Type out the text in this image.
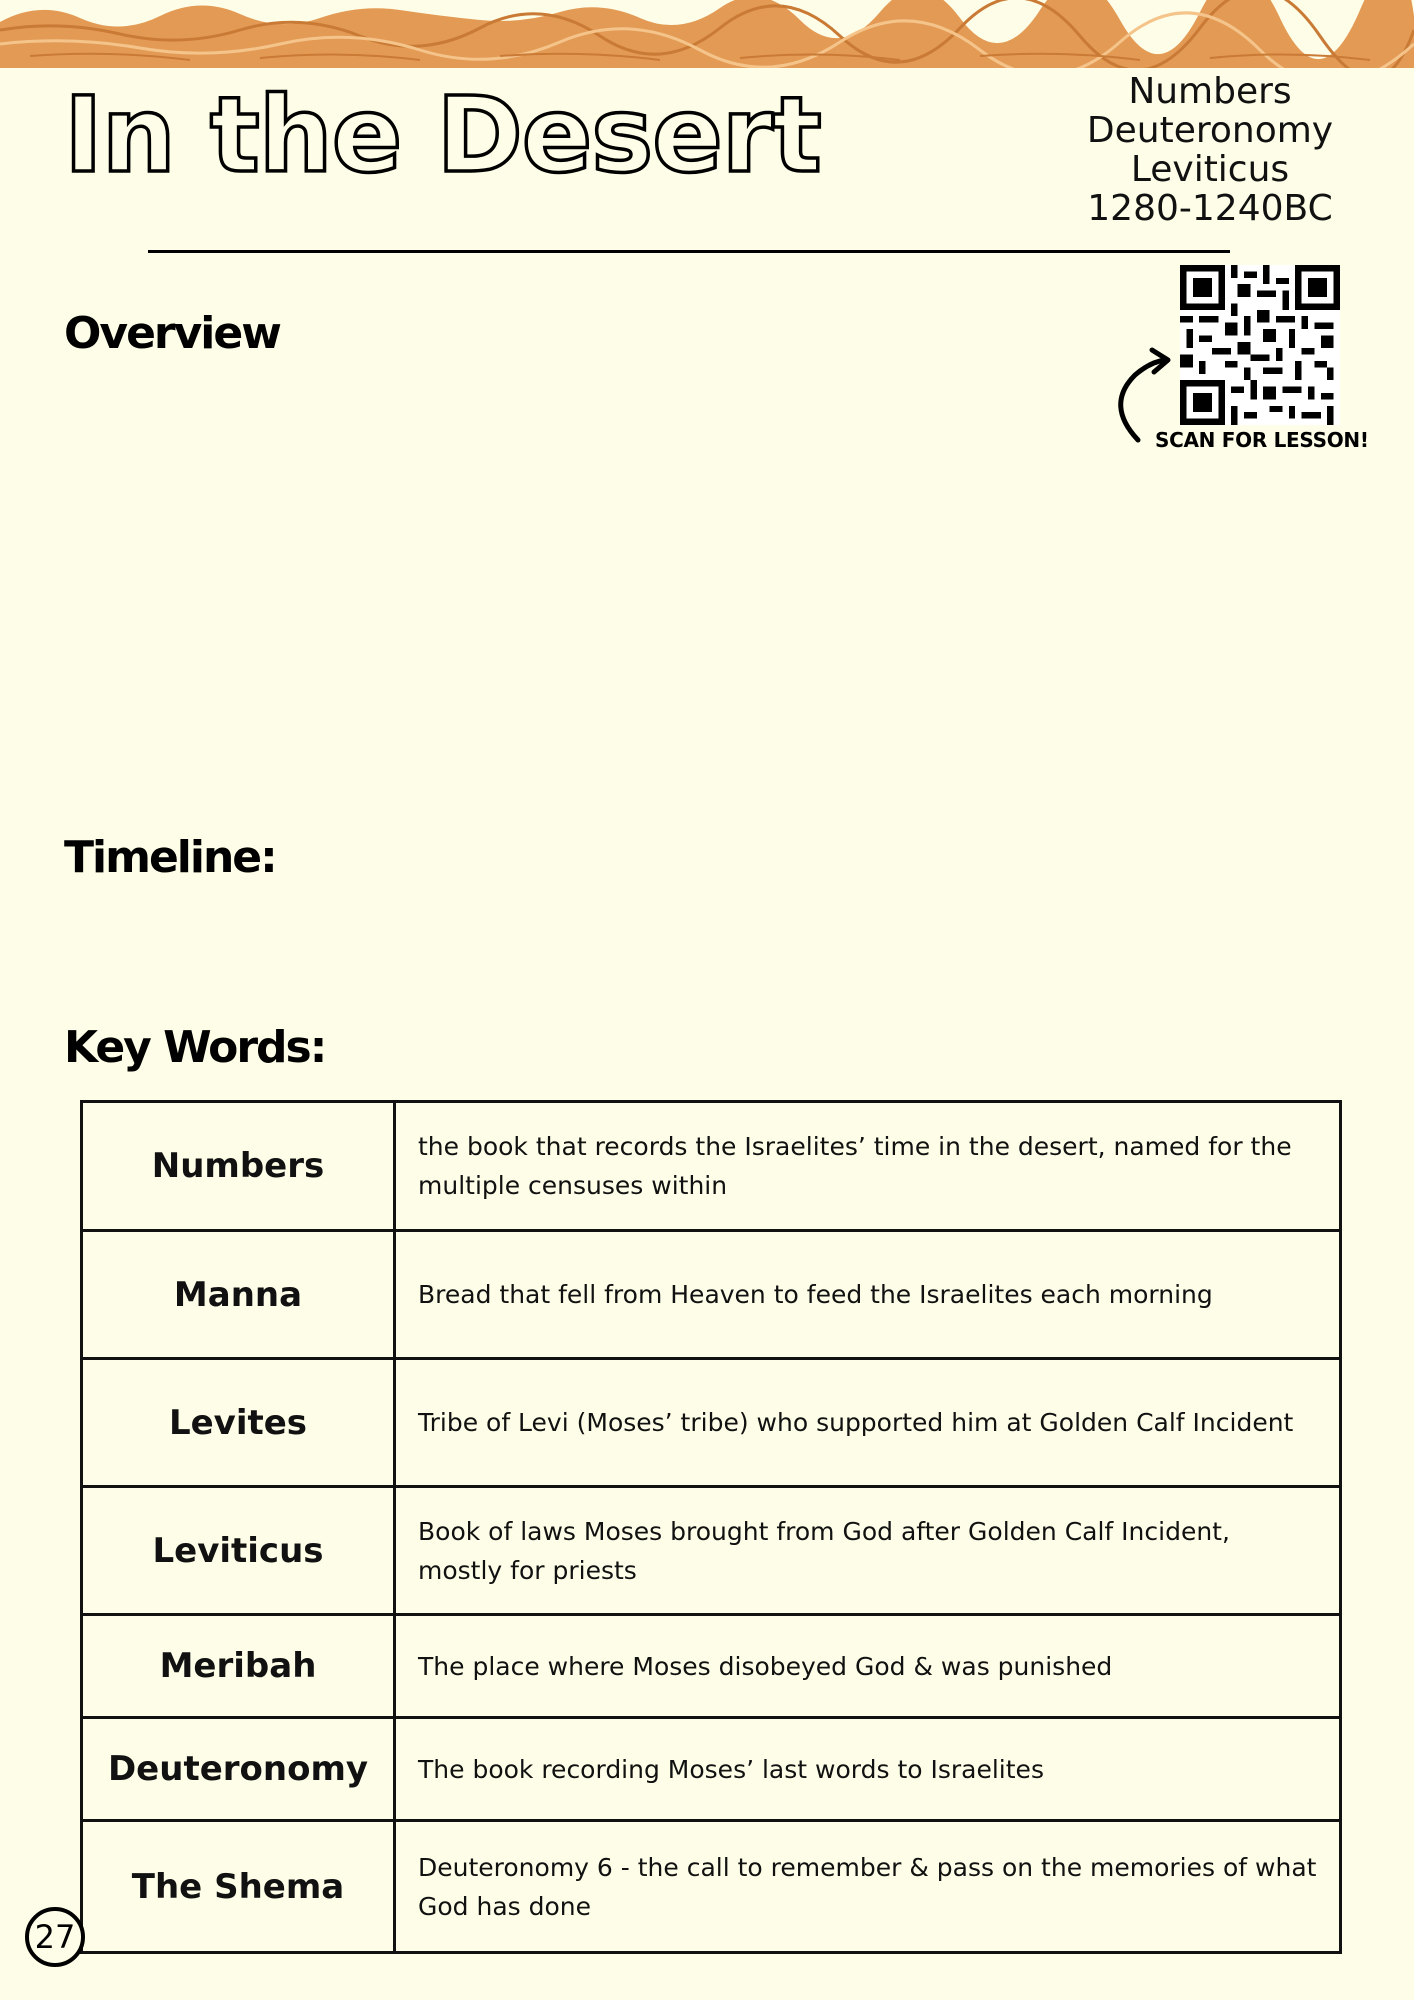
In the Desert	Numbers
Deuteronomy
Leviticus
1280-1240BC
SCAN FOR LESSON!
Overview
Timeline:
Key Words:
Numbers	the book that records the Israelites’ time in the desert, named for the multiple censuses within
Manna	Bread that fell from Heaven to feed the Israelites each morning
Levites	Tribe of Levi (Moses’ tribe) who supported him at Golden Calf Incident
Leviticus	Book of laws Moses brought from God after Golden Calf Incident, mostly for priests
Meribah	The place where Moses disobeyed God & was punished
Deuteronomy	The book recording Moses’ last words to Israelites
The Shema	Deuteronomy 6 - the call to remember & pass on the memories of what God has done
27
